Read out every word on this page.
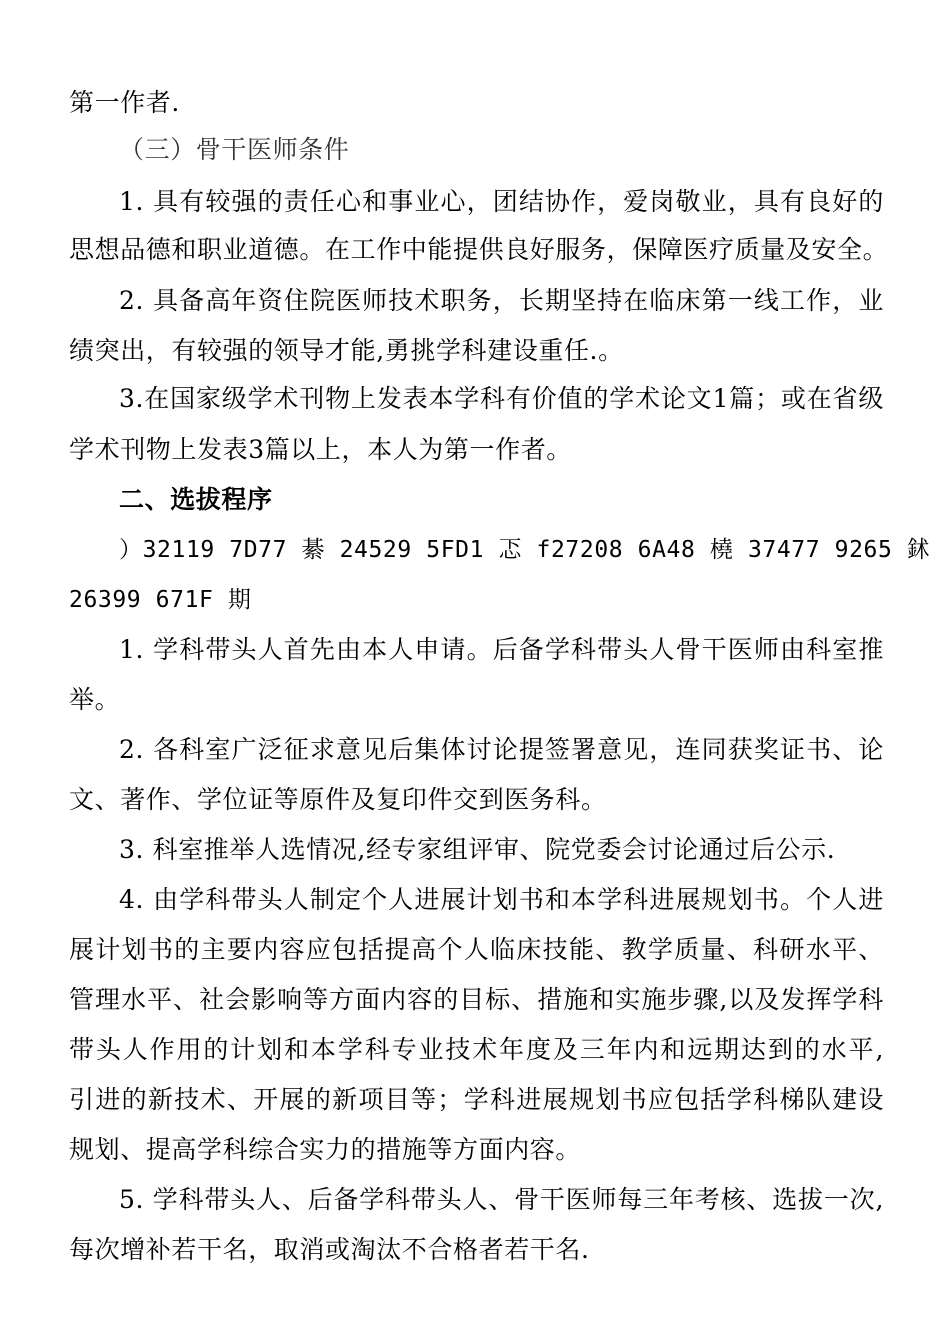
第一作者.
（三）骨干医师条件
1. 具有较强的责任心和事业心，团结协作，爱岗敬业，具有良好的
思想品德和职业道德。在工作中能提供良好服务，保障医疗质量及安全。
2. 具备高年资住院医师技术职务，长期坚持在临床第一线工作，业
绩突出，有较强的领导才能,勇挑学科建设重任.。
3.在国家级学术刊物上发表本学科有价值的学术论文1篇；或在省级
学术刊物上发表3篇以上，本人为第一作者。
二、选拔程序
）32119 7D77 綦 24529 5FD1 忑 f27208 6A48 橈 37477 9265 鉥
26399 671F 期
1. 学科带头人首先由本人申请。后备学科带头人骨干医师由科室推
举。
2. 各科室广泛征求意见后集体讨论提签署意见，连同获奖证书、论
文、著作、学位证等原件及复印件交到医务科。
3. 科室推举人选情况,经专家组评审、院党委会讨论通过后公示.
4. 由学科带头人制定个人进展计划书和本学科进展规划书。个人进
展计划书的主要内容应包括提高个人临床技能、教学质量、科研水平、
管理水平、社会影响等方面内容的目标、措施和实施步骤,以及发挥学科
带头人作用的计划和本学科专业技术年度及三年内和远期达到的水平,
引进的新技术、开展的新项目等；学科进展规划书应包括学科梯队建设
规划、提高学科综合实力的措施等方面内容。
5. 学科带头人、后备学科带头人、骨干医师每三年考核、选拔一次,
每次增补若干名，取消或淘汰不合格者若干名.
